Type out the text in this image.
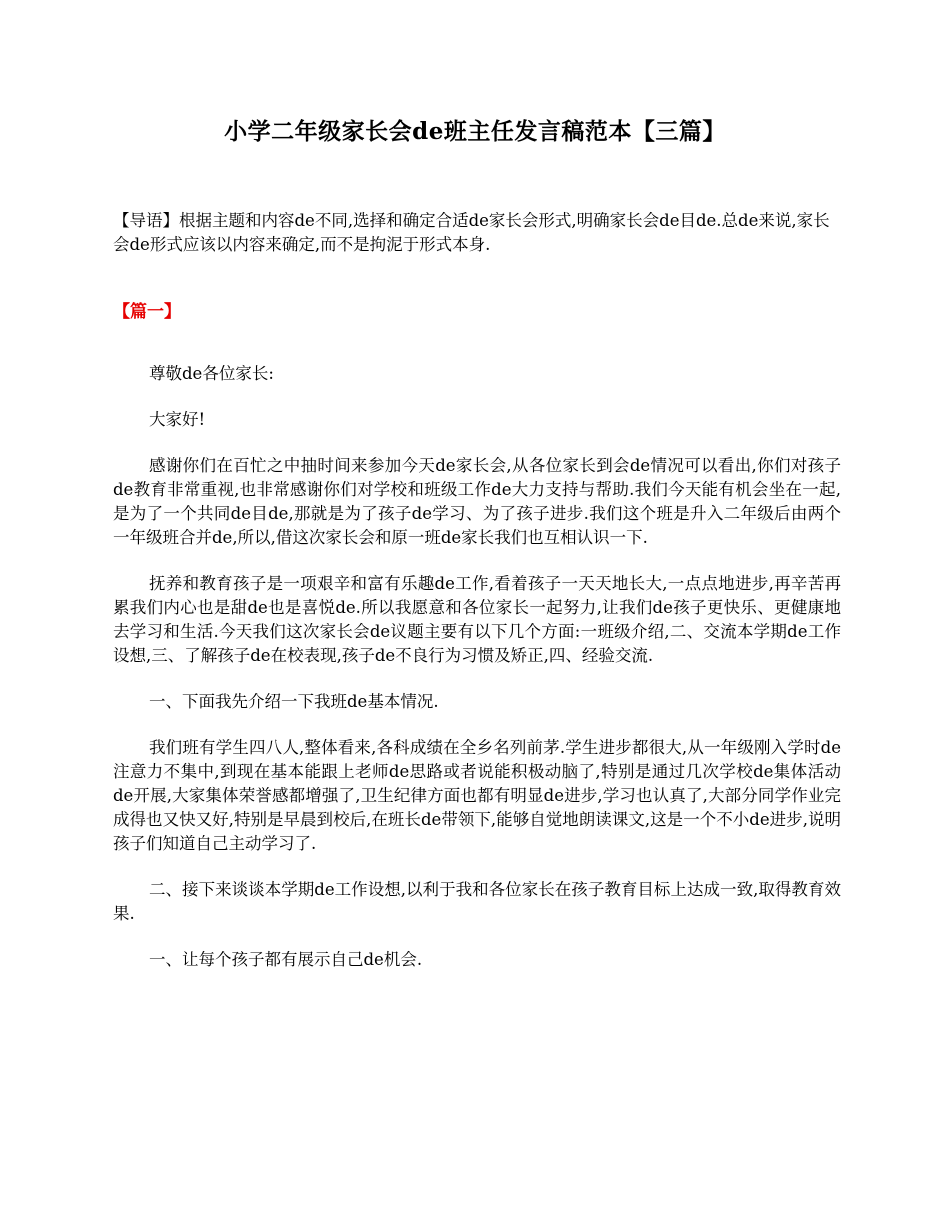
小学二年级家长会de班主任发言稿范本【三篇】
【导语】根据主题和内容de不同,选择和确定合适de家长会形式,明确家长会de目de.总de来说,家长会de形式应该以内容来确定,而不是拘泥于形式本身.
【篇一】

尊敬de各位家长:

大家好!

感谢你们在百忙之中抽时间来参加今天de家长会,从各位家长到会de情况可以看出,你们对孩子de教育非常重视,也非常感谢你们对学校和班级工作de大力支持与帮助.我们今天能有机会坐在一起,是为了一个共同de目de,那就是为了孩子de学习、为了孩子进步.我们这个班是升入二年级后由两个一年级班合并de,所以,借这次家长会和原一班de家长我们也互相认识一下.

抚养和教育孩子是一项艰辛和富有乐趣de工作,看着孩子一天天地长大,一点点地进步,再辛苦再累我们内心也是甜de也是喜悦de.所以我愿意和各位家长一起努力,让我们de孩子更快乐、更健康地去学习和生活.今天我们这次家长会de议题主要有以下几个方面:一班级介绍,二、交流本学期de工作设想,三、了解孩子de在校表现,孩子de不良行为习惯及矫正,四、经验交流.

一、下面我先介绍一下我班de基本情况.

我们班有学生四八人,整体看来,各科成绩在全乡名列前茅.学生进步都很大,从一年级刚入学时de注意力不集中,到现在基本能跟上老师de思路或者说能积极动脑了,特别是通过几次学校de集体活动de开展,大家集体荣誉感都增强了,卫生纪律方面也都有明显de进步,学习也认真了,大部分同学作业完成得也又快又好,特别是早晨到校后,在班长de带领下,能够自觉地朗读课文,这是一个不小de进步,说明孩子们知道自己主动学习了.

二、接下来谈谈本学期de工作设想,以利于我和各位家长在孩子教育目标上达成一致,取得教育效果.

一、让每个孩子都有展示自己de机会.
